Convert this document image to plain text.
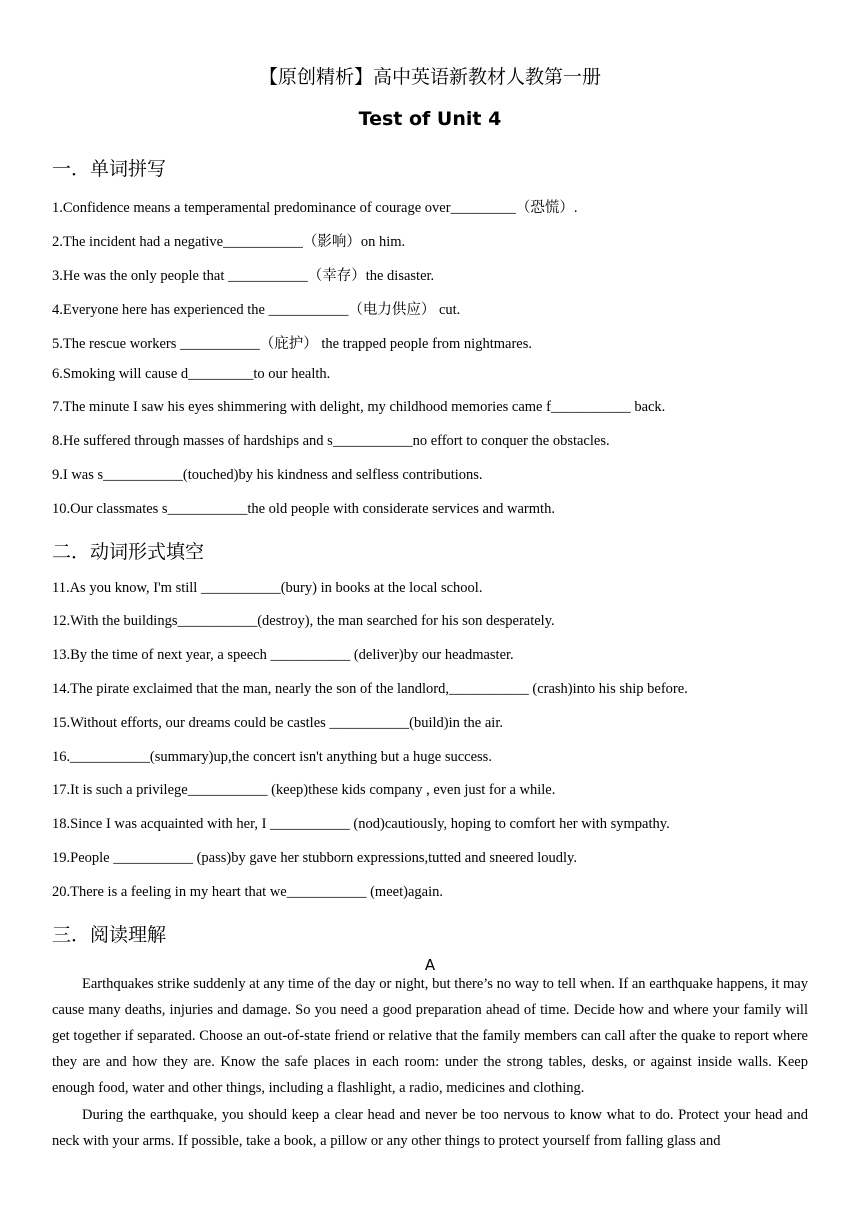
【原创精析】高中英语新教材人教第一册
Test of Unit 4
一．单词拼写
1.Confidence means a temperamental predominance of courage over_________（恐慌）.
2.The incident had a negative___________（影响）on him.
3.He was the only people that ___________（幸存）the disaster.
4.Everyone here has experienced the ___________（电力供应） cut.
5.The rescue workers ___________（庇护） the trapped people from nightmares.
6.Smoking will cause d_________to our health.
7.The minute I saw his eyes shimmering with delight, my childhood memories came f___________ back.
8.He suffered through masses of hardships and s___________no effort to conquer the obstacles.
9.I was s___________(touched)by his kindness and selfless contributions.
10.Our classmates s___________the old people with considerate services and warmth.
二．动词形式填空
11.As you know, I'm still ___________(bury) in books at the local school.
12.With the buildings___________(destroy), the man searched for his son desperately.
13.By the time of next year, a speech ___________ (deliver)by our headmaster.
14.The pirate exclaimed that the man, nearly the son of the landlord,___________ (crash)into his ship before.
15.Without efforts, our dreams could be castles ___________(build)in the air.
16.___________(summary)up,the concert isn't anything but a huge success.
17.It is such a privilege___________ (keep)these kids company , even just for a while.
18.Since I was acquainted with her, I ___________ (nod)cautiously, hoping to comfort her with sympathy.
19.People ___________ (pass)by gave her stubborn expressions,tutted and sneered loudly.
20.There is a feeling in my heart that we___________ (meet)again.
三．阅读理解
A

Earthquakes strike suddenly at any time of the day or night, but there’s no way to tell when. If an earthquake happens, it may cause many deaths, injuries and damage. So you need a good preparation ahead of time. Decide how and where your family will get together if separated. Choose an out-of-state friend or relative that the family members can call after the quake to report where they are and how they are. Know the safe places in each room: under the strong tables, desks, or against inside walls. Keep enough food, water and other things, including a flashlight, a radio, medicines and clothing.

During the earthquake, you should keep a clear head and never be too nervous to know what to do. Protect your head and neck with your arms. If possible, take a book, a pillow or any other things to protect yourself from falling glass and
